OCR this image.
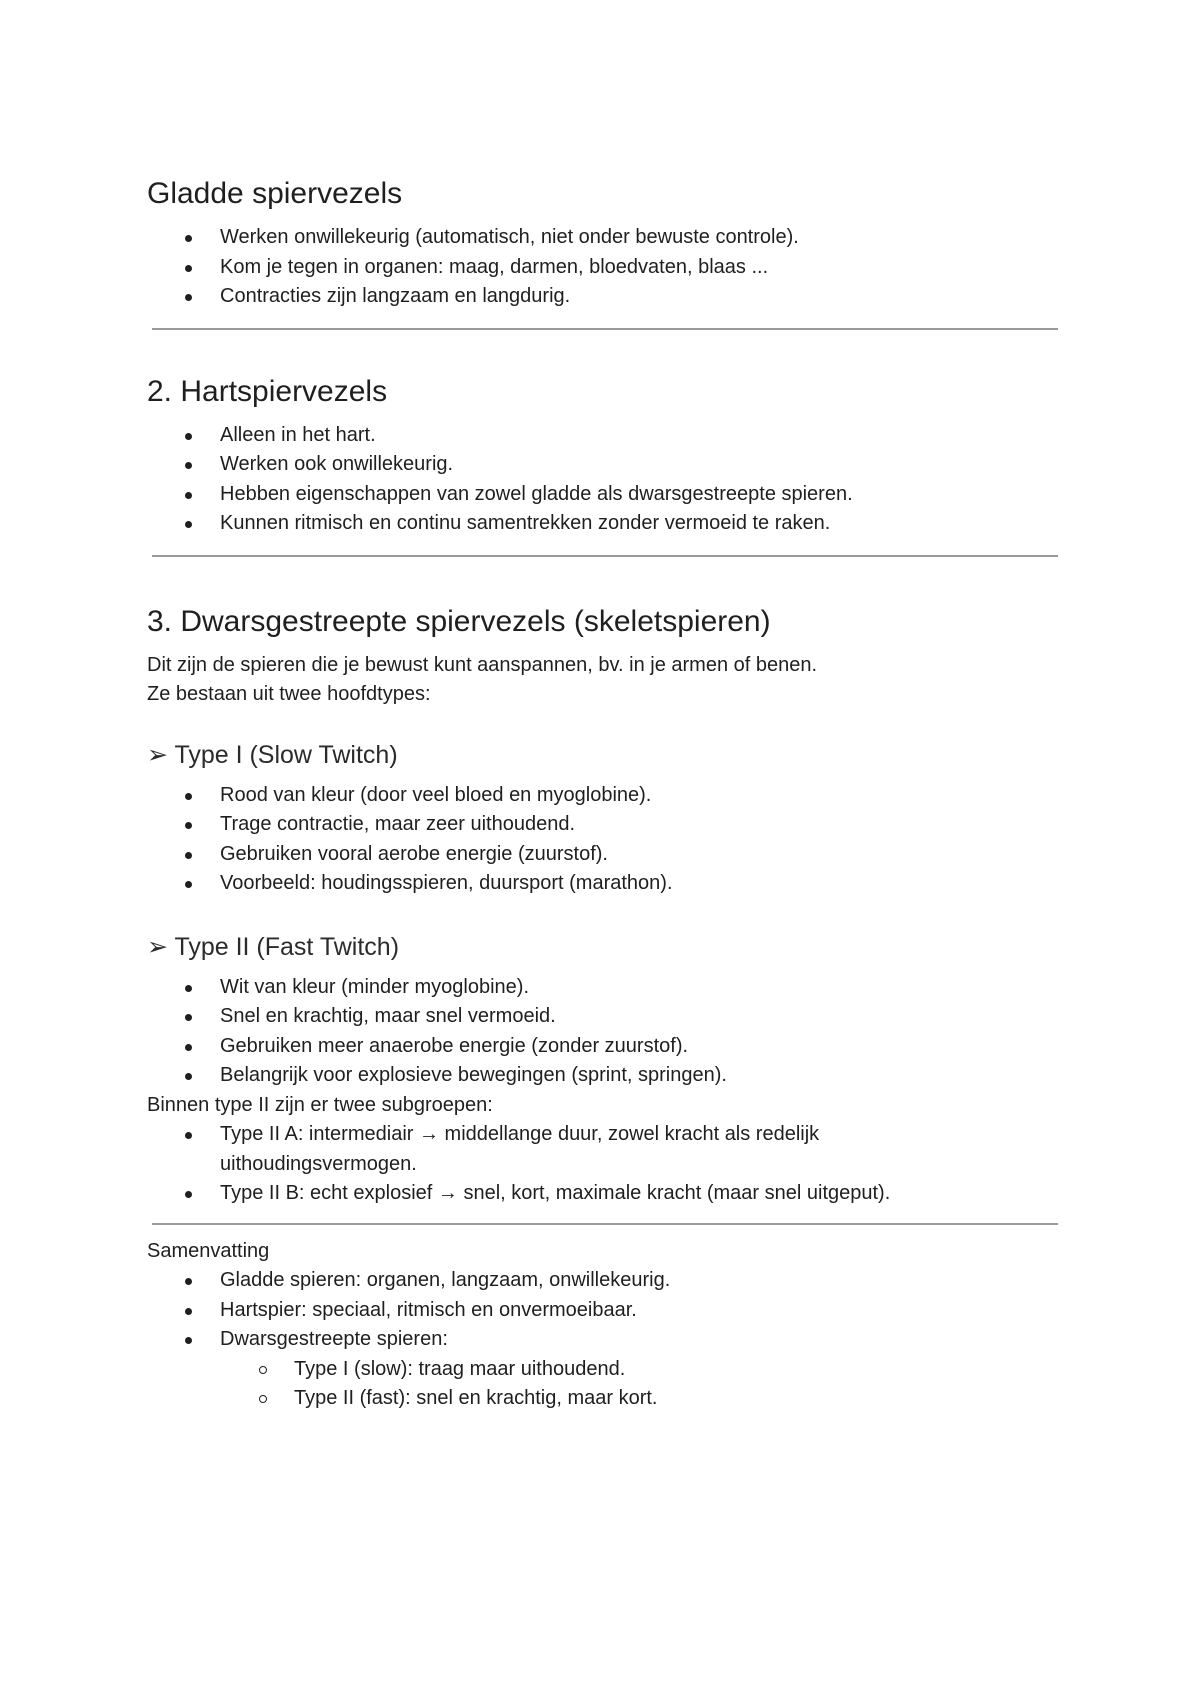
Gladde spiervezels
Werken onwillekeurig (automatisch, niet onder bewuste controle).
Kom je tegen in organen: maag, darmen, bloedvaten, blaas ...
Contracties zijn langzaam en langdurig.
2. Hartspiervezels
Alleen in het hart.
Werken ook onwillekeurig.
Hebben eigenschappen van zowel gladde als dwarsgestreepte spieren.
Kunnen ritmisch en continu samentrekken zonder vermoeid te raken.
3. Dwarsgestreepte spiervezels (skeletspieren)

Dit zijn de spieren die je bewust kunt aanspannen, bv. in je armen of benen.

Ze bestaan uit twee hoofdtypes:

➢ Type I (Slow Twitch)
Rood van kleur (door veel bloed en myoglobine).
Trage contractie, maar zeer uithoudend.
Gebruiken vooral aerobe energie (zuurstof).
Voorbeeld: houdingsspieren, duursport (marathon).
➢ Type II (Fast Twitch)
Wit van kleur (minder myoglobine).
Snel en krachtig, maar snel vermoeid.
Gebruiken meer anaerobe energie (zonder zuurstof).
Belangrijk voor explosieve bewegingen (sprint, springen).

Binnen type II zijn er twee subgroepen:

Type II A: intermediair → middellange duur, zowel kracht als redelijk uithoudingsvermogen.
Type II B: echt explosief → snel, kort, maximale kracht (maar snel uitgeput).

Samenvatting

Gladde spieren: organen, langzaam, onwillekeurig.
Hartspier: speciaal, ritmisch en onvermoeibaar.
Dwarsgestreepte spieren:
Type I (slow): traag maar uithoudend.
Type II (fast): snel en krachtig, maar kort.
